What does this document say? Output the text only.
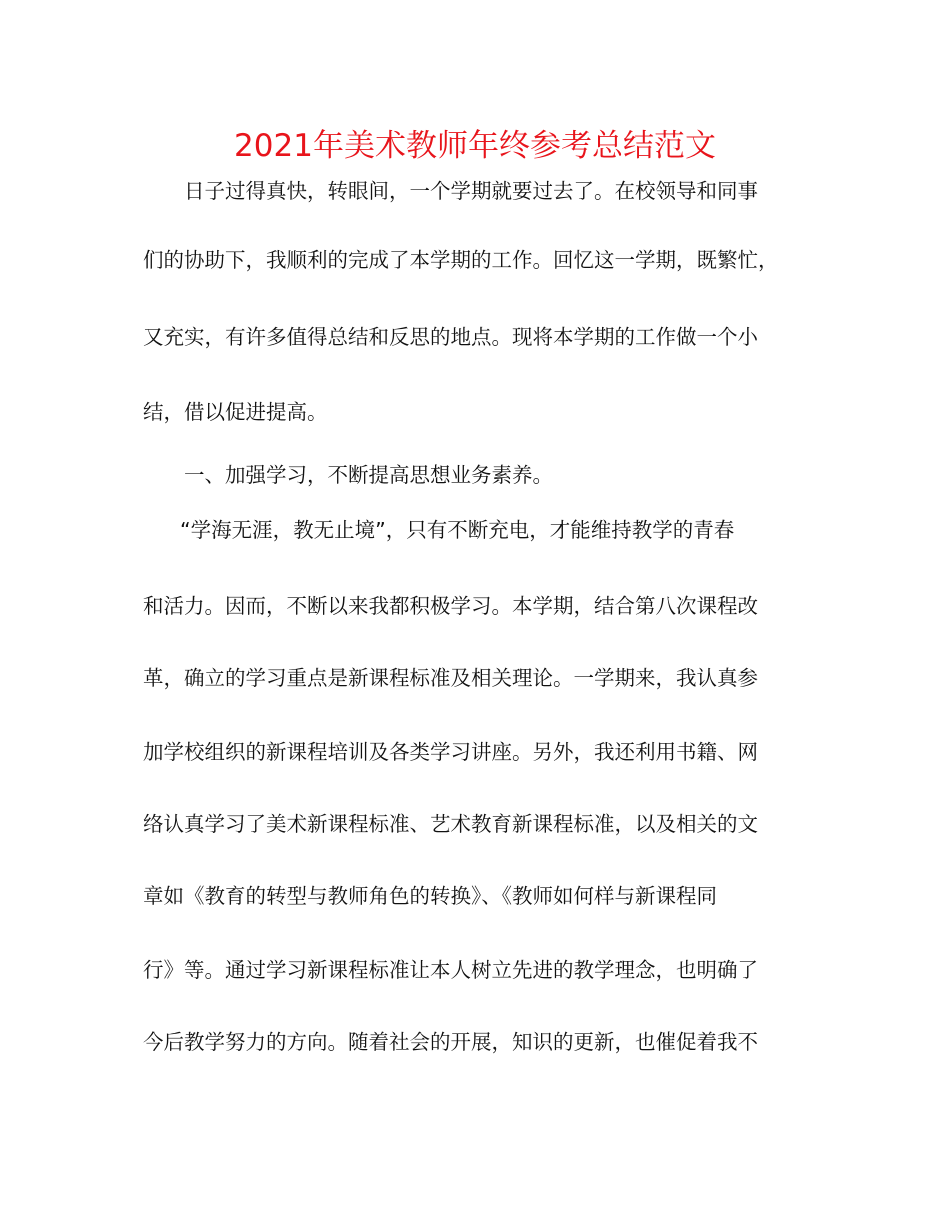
2021年美术教师年终参考总结范文
日子过得真快，转眼间，一个学期就要过去了。在校领导和同事
们的协助下，我顺利的完成了本学期的工作。回忆这一学期，既繁忙，
又充实，有许多值得总结和反思的地点。现将本学期的工作做一个小
结，借以促进提高。
一、加强学习，不断提高思想业务素养。
“学海无涯，教无止境”，只有不断充电，才能维持教学的青春
和活力。因而，不断以来我都积极学习。本学期，结合第八次课程改
革，确立的学习重点是新课程标准及相关理论。一学期来，我认真参
加学校组织的新课程培训及各类学习讲座。另外，我还利用书籍、网
络认真学习了美术新课程标准、艺术教育新课程标准，以及相关的文
章如《教育的转型与教师角色的转换》、《教师如何样与新课程同
行》等。通过学习新课程标准让本人树立先进的教学理念，也明确了
今后教学努力的方向。随着社会的开展，知识的更新，也催促着我不
